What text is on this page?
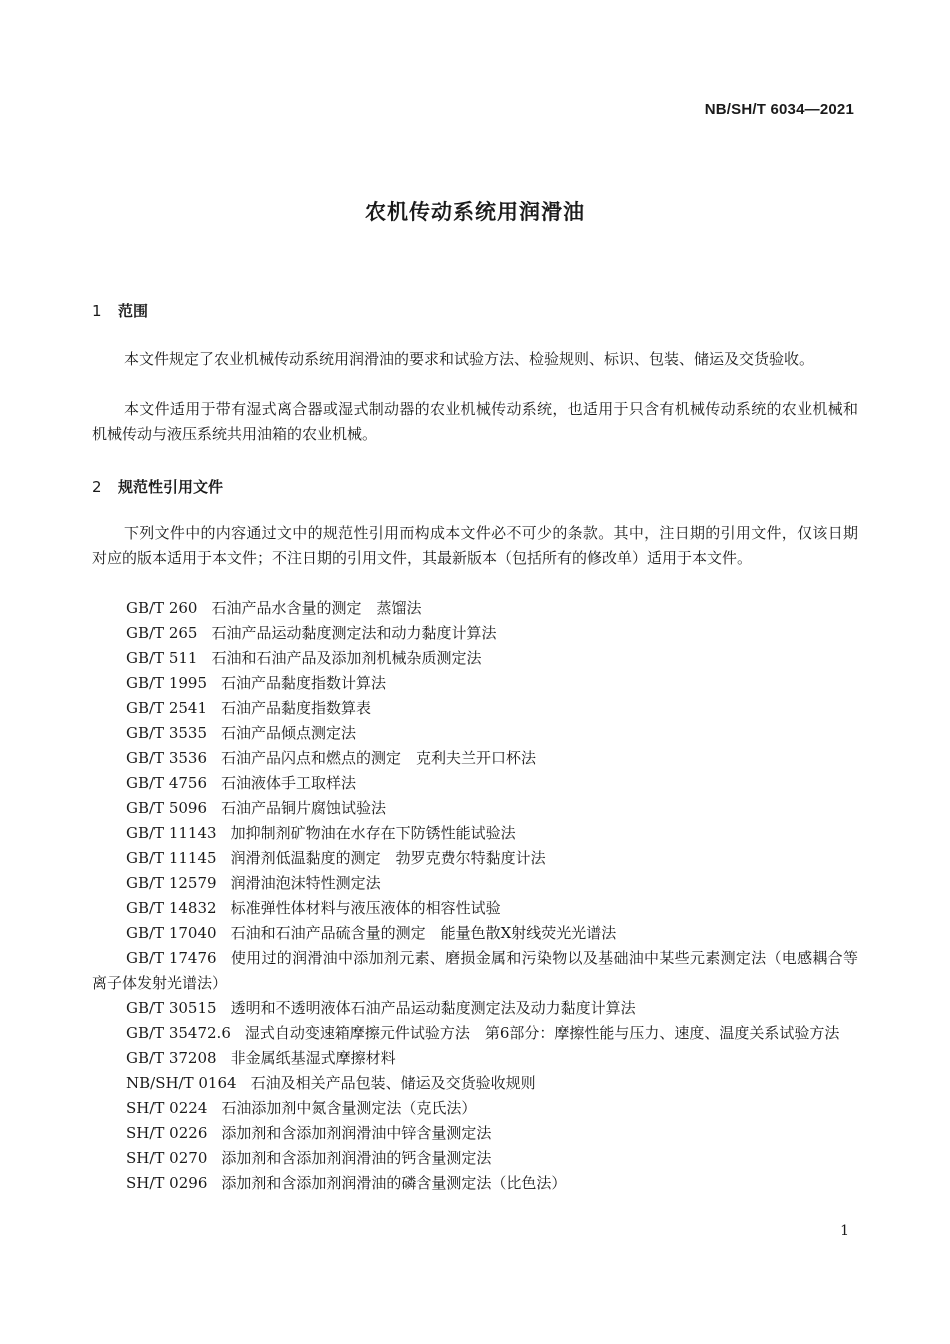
NB/SH/T 6034—2021
农机传动系统用润滑油
1 范围

本文件规定了农业机械传动系统用润滑油的要求和试验方法、检验规则、标识、包装、储运及交货验收。

本文件适用于带有湿式离合器或湿式制动器的农业机械传动系统，也适用于只含有机械传动系统的农业机械和机械传动与液压系统共用油箱的农业机械。

2 规范性引用文件

下列文件中的内容通过文中的规范性引用而构成本文件必不可少的条款。其中，注日期的引用文件，仅该日期对应的版本适用于本文件；不注日期的引用文件，其最新版本（包括所有的修改单）适用于本文件。

GB/T 260 石油产品水含量的测定　蒸馏法
GB/T 265 石油产品运动黏度测定法和动力黏度计算法
GB/T 511 石油和石油产品及添加剂机械杂质测定法
GB/T 1995 石油产品黏度指数计算法
GB/T 2541 石油产品黏度指数算表
GB/T 3535 石油产品倾点测定法
GB/T 3536 石油产品闪点和燃点的测定　克利夫兰开口杯法
GB/T 4756 石油液体手工取样法
GB/T 5096 石油产品铜片腐蚀试验法
GB/T 11143 加抑制剂矿物油在水存在下防锈性能试验法
GB/T 11145 润滑剂低温黏度的测定　勃罗克费尔特黏度计法
GB/T 12579 润滑油泡沫特性测定法
GB/T 14832 标准弹性体材料与液压液体的相容性试验
GB/T 17040 石油和石油产品硫含量的测定　能量色散X射线荧光光谱法
GB/T 17476 使用过的润滑油中添加剂元素、磨损金属和污染物以及基础油中某些元素测定法（电感耦合等离子体发射光谱法）
GB/T 30515 透明和不透明液体石油产品运动黏度测定法及动力黏度计算法
GB/T 35472.6 湿式自动变速箱摩擦元件试验方法　第6部分：摩擦性能与压力、速度、温度关系试验方法
GB/T 37208 非金属纸基湿式摩擦材料
NB/SH/T 0164 石油及相关产品包装、储运及交货验收规则
SH/T 0224 石油添加剂中氮含量测定法（克氏法）
SH/T 0226 添加剂和含添加剂润滑油中锌含量测定法
SH/T 0270 添加剂和含添加剂润滑油的钙含量测定法
SH/T 0296 添加剂和含添加剂润滑油的磷含量测定法（比色法）
1
